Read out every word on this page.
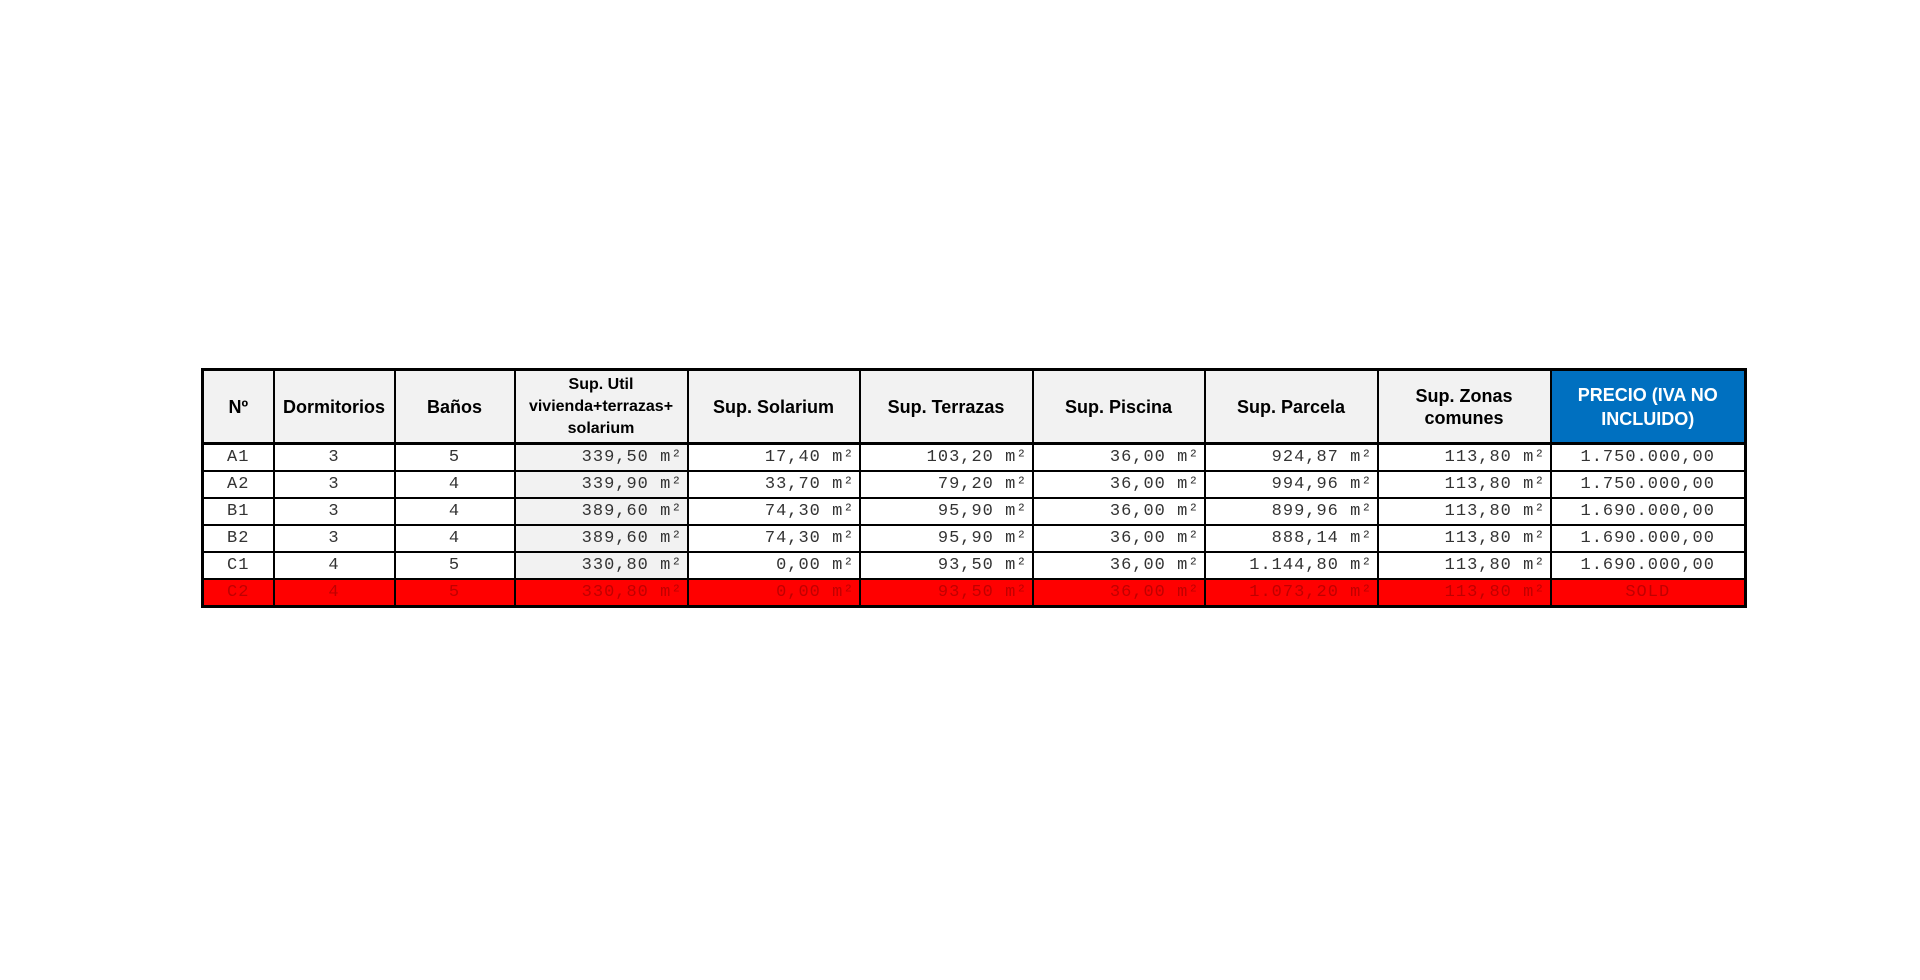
Nº	Dormitorios	Baños	Sup. Util vivienda+terrazas+ solarium	Sup. Solarium	Sup. Terrazas	Sup. Piscina	Sup. Parcela	Sup. Zonas comunes	PRECIO (IVA NO INCLUIDO)
A1	3	5	339,50 m²	17,40 m²	103,20 m²	36,00 m²	924,87 m²	113,80 m²	1.750.000,00
A2	3	4	339,90 m²	33,70 m²	79,20 m²	36,00 m²	994,96 m²	113,80 m²	1.750.000,00
B1	3	4	389,60 m²	74,30 m²	95,90 m²	36,00 m²	899,96 m²	113,80 m²	1.690.000,00
B2	3	4	389,60 m²	74,30 m²	95,90 m²	36,00 m²	888,14 m²	113,80 m²	1.690.000,00
C1	4	5	330,80 m²	0,00 m²	93,50 m²	36,00 m²	1.144,80 m²	113,80 m²	1.690.000,00
C2	4	5	330,80 m²	0,00 m²	93,50 m²	36,00 m²	1.073,20 m²	113,80 m²	SOLD
